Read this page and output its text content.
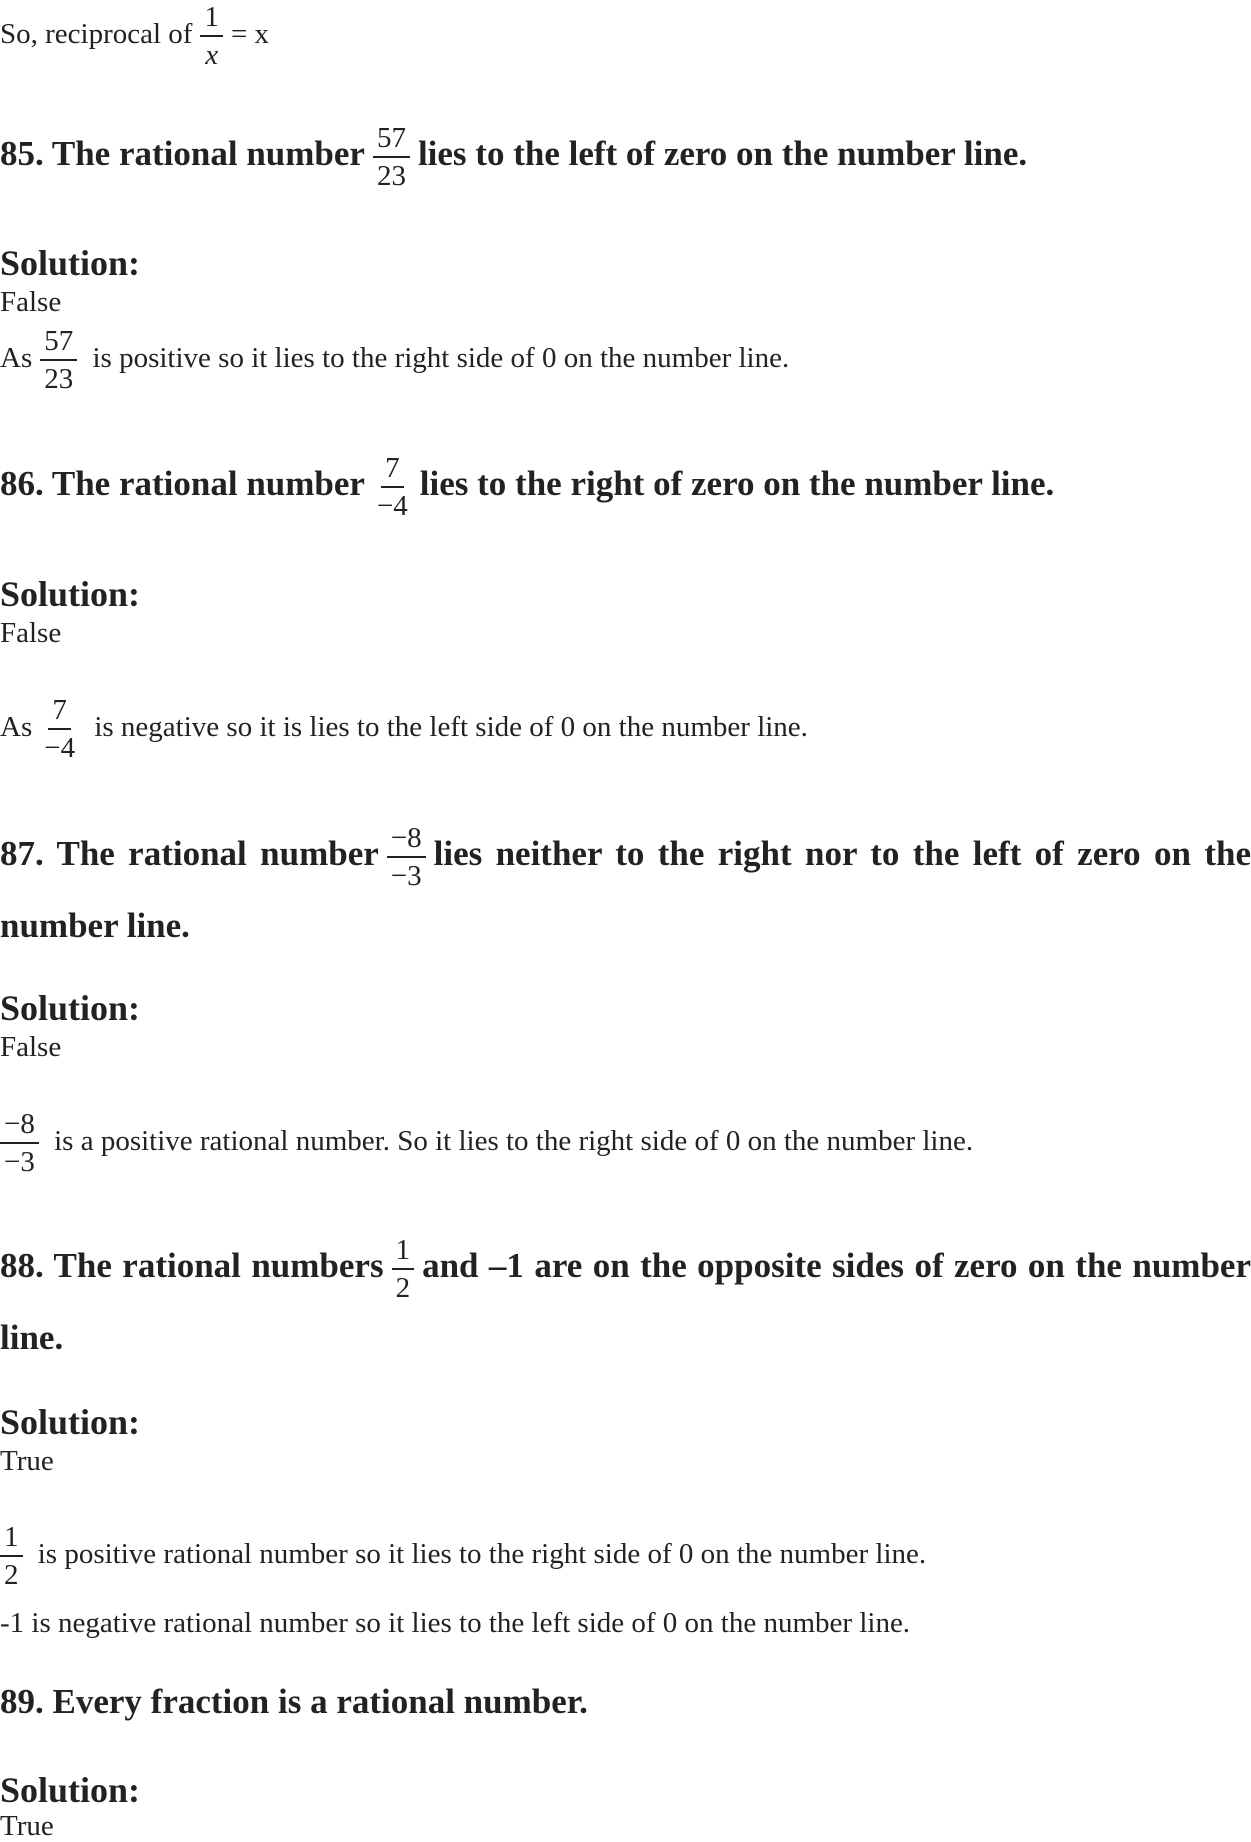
So, reciprocal of $\frac{1}{x} = x$
85. The rational number $\frac{57}{23}$ lies to the left of zero on the number line.
Solution:
False
As $\frac{57}{23}$ is positive so it lies to the right side of 0 on the number line.
86. The rational number $\frac{7}{-4}$ lies to the right of zero on the number line.
Solution:
False
As $\frac{7}{-4}$ is negative so it is lies to the left side of 0 on the number line.
87. The rational number $\frac{-8}{-3}$ lies neither to the right nor to the left of zero on the number line.
Solution:
False
$\frac{-8}{-3}$ is a positive rational number. So it lies to the right side of 0 on the number line.
88. The rational numbers $\frac{1}{2}$ and –1 are on the opposite sides of zero on the number line.
Solution:
True
$\frac{1}{2}$ is positive rational number so it lies to the right side of 0 on the number line.
-1 is negative rational number so it lies to the left side of 0 on the number line.
89. Every fraction is a rational number.
Solution:
True
